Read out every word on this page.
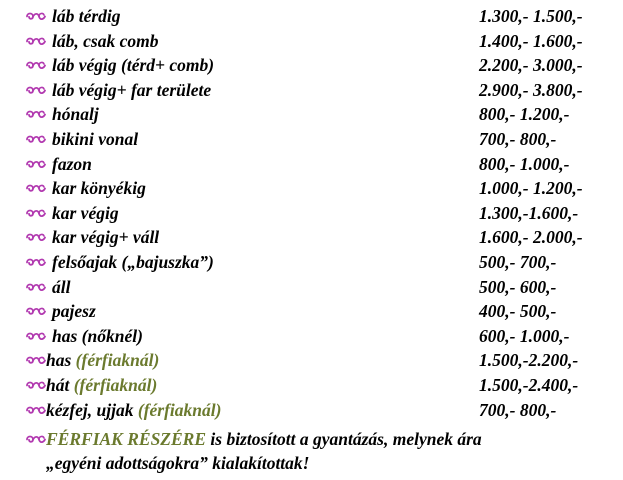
láb térdig	1.300,- 1.500,-
láb, csak comb	1.400,- 1.600,-
láb végig (térd+ comb)	2.200,- 3.000,-
láb végig+ far területe	2.900,- 3.800,-
hónalj	800,- 1.200,-
bikini vonal	700,- 800,-
fazon	800,- 1.000,-
kar könyékig	1.000,- 1.200,-
kar végig	1.300,-1.600,-
kar végig+ váll	1.600,- 2.000,-
felsőajak („bajuszka”)	500,- 700,-
áll	500,- 600,-
pajesz	400,- 500,-
has (nőknél)	600,- 1.000,-
has (férfiaknál)	1.500,-2.200,-
hát (férfiaknál)	1.500,-2.400,-
kézfej, ujjak (férfiaknál)	700,- 800,-
FÉRFIAK RÉSZÉRE is biztosított a gyantázás, melynek ára
„egyéni adottságokra” kialakítottak!
